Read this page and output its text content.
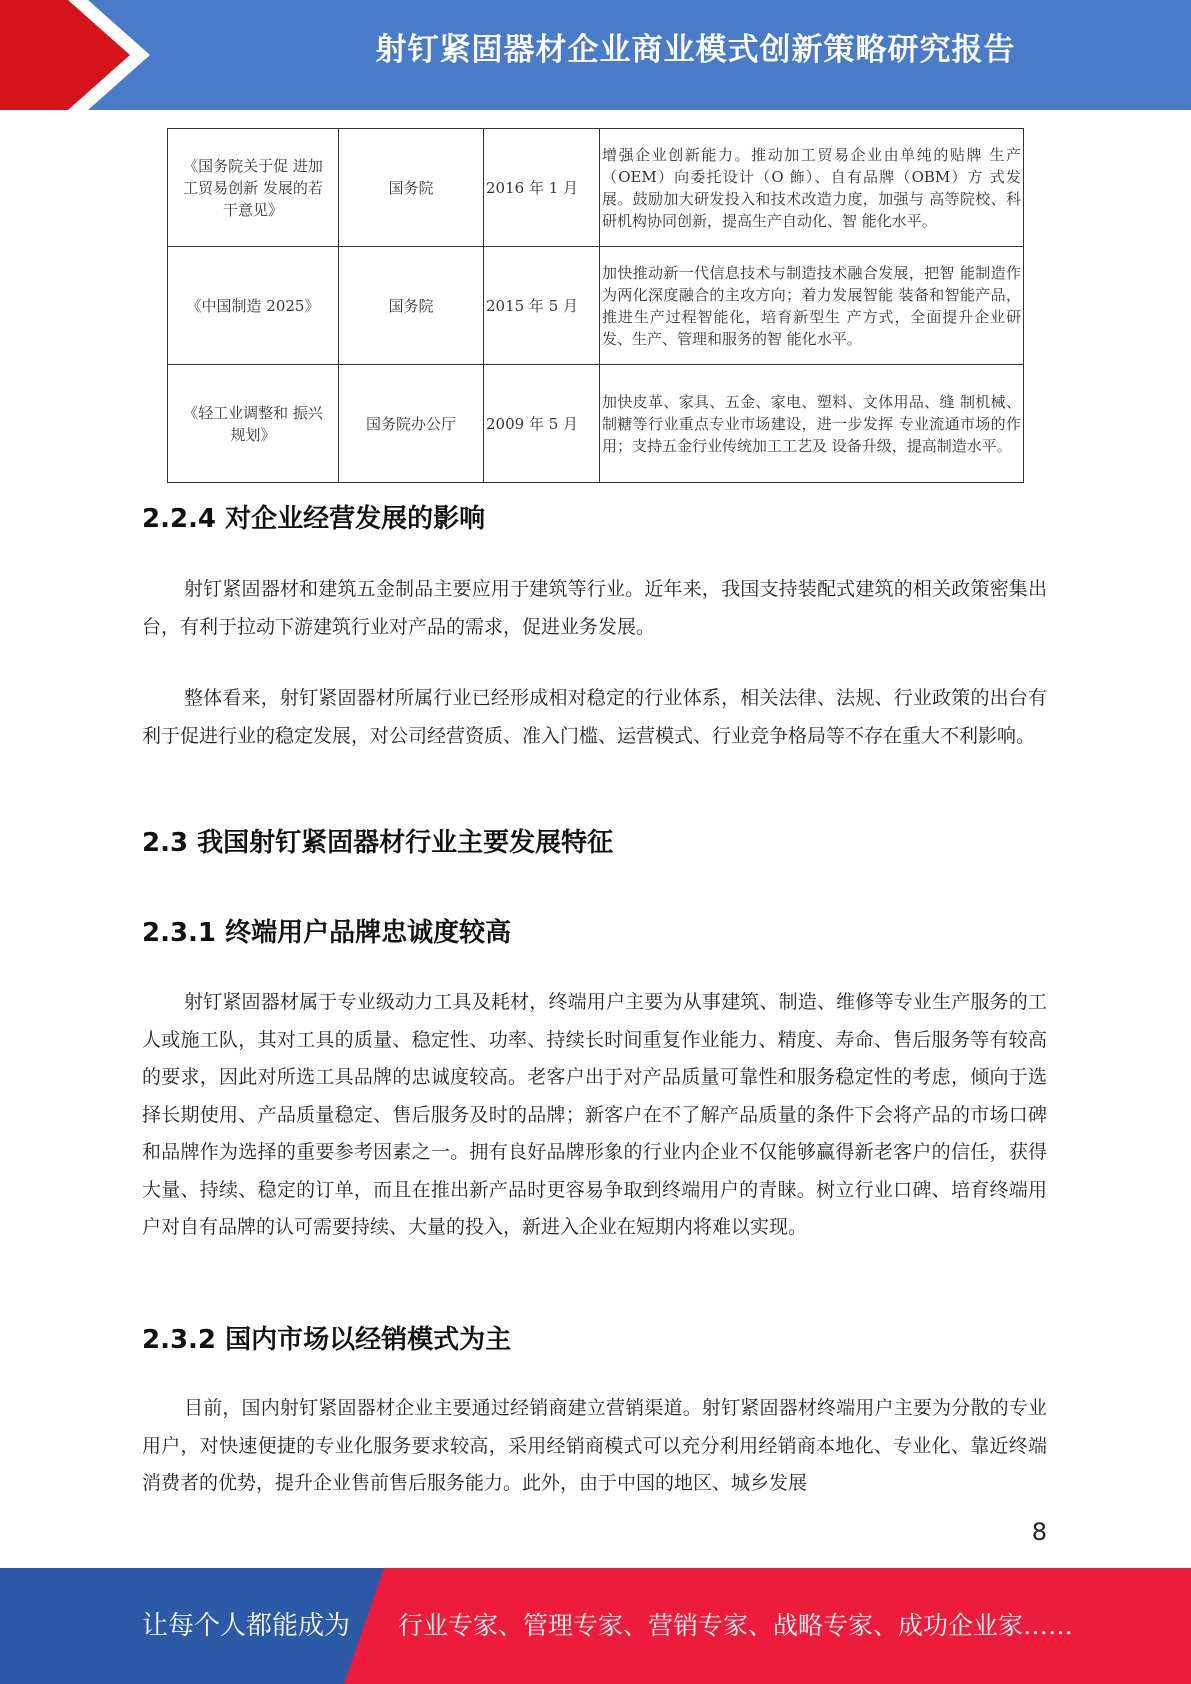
射钉紧固器材企业商业模式创新策略研究报告
《国务院关于促 进加工贸易创新 发展的若干意见》	国务院	2016 年 1 月	增强企业创新能力。推动加工贸易企业由单纯的贴牌 生产（OEM）向委托设计（O 飾）、自有品牌（OBM）方 式发展。鼓励加大研发投入和技术改造力度，加强与 高等院校、科研机构协同创新，提高生产自动化、智 能化水平。
《中国制造 2025》	国务院	2015 年 5 月	加快推动新一代信息技术与制造技术融合发展，把智 能制造作为两化深度融合的主攻方向；着力发展智能 装备和智能产品，推进生产过程智能化，培育新型生 产方式，全面提升企业研发、生产、管理和服务的智 能化水平。
《轻工业调整和 振兴规划》	国务院办公厅	2009 年 5 月	加快皮革、家具、五金、家电、塑料、文体用品、缝 制机械、制糖等行业重点专业市场建设，进一步发挥 专业流通市场的作用；支持五金行业传统加工工艺及 设备升级，提高制造水平。
2.2.4 对企业经营发展的影响

射钉紧固器材和建筑五金制品主要应用于建筑等行业。近年来，我国支持装配式建筑的相关政策密集出台，有利于拉动下游建筑行业对产品的需求，促进业务发展。

整体看来，射钉紧固器材所属行业已经形成相对稳定的行业体系，相关法律、法规、行业政策的出台有利于促进行业的稳定发展，对公司经营资质、准入门槛、运营模式、行业竞争格局等不存在重大不利影响。

2.3 我国射钉紧固器材行业主要发展特征
2.3.1 终端用户品牌忠诚度较高

射钉紧固器材属于专业级动力工具及耗材，终端用户主要为从事建筑、制造、维修等专业生产服务的工人或施工队，其对工具的质量、稳定性、功率、持续长时间重复作业能力、精度、寿命、售后服务等有较高的要求，因此对所选工具品牌的忠诚度较高。老客户出于对产品质量可靠性和服务稳定性的考虑，倾向于选择长期使用、产品质量稳定、售后服务及时的品牌；新客户在不了解产品质量的条件下会将产品的市场口碑和品牌作为选择的重要参考因素之一。拥有良好品牌形象的行业内企业不仅能够赢得新老客户的信任，获得大量、持续、稳定的订单，而且在推出新产品时更容易争取到终端用户的青睐。树立行业口碑、培育终端用户对自有品牌的认可需要持续、大量的投入，新进入企业在短期内将难以实现。

2.3.2 国内市场以经销模式为主

目前，国内射钉紧固器材企业主要通过经销商建立营销渠道。射钉紧固器材终端用户主要为分散的专业用户，对快速便捷的专业化服务要求较高，采用经销商模式可以充分利用经销商本地化、专业化、靠近终端消费者的优势，提升企业售前售后服务能力。此外，由于中国的地区、城乡发展

8
让每个人都能成为 行业专家、管理专家、营销专家、战略专家、成功企业家……
